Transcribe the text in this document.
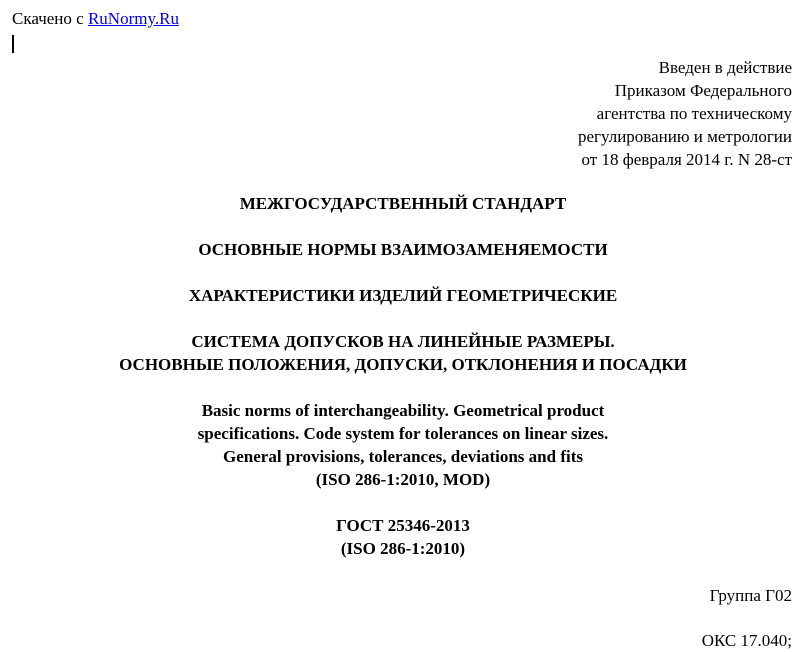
Скачено с RuNormy.Ru
Введен в действие
Приказом Федерального
агентства по техническому
регулированию и метрологии
от 18 февраля 2014 г. N 28-ст
МЕЖГОСУДАРСТВЕННЫЙ СТАНДАРТ
ОСНОВНЫЕ НОРМЫ ВЗАИМОЗАМЕНЯЕМОСТИ
ХАРАКТЕРИСТИКИ ИЗДЕЛИЙ ГЕОМЕТРИЧЕСКИЕ
СИСТЕМА ДОПУСКОВ НА ЛИНЕЙНЫЕ РАЗМЕРЫ.
ОСНОВНЫЕ ПОЛОЖЕНИЯ, ДОПУСКИ, ОТКЛОНЕНИЯ И ПОСАДКИ
Basic norms of interchangeability. Geometrical product
specifications. Code system for tolerances on linear sizes.
General provisions, tolerances, deviations and fits
(ISO 286-1:2010, MOD)
ГОСТ 25346-2013
(ISO 286-1:2010)
Группа Г02
ОКС 17.040;
